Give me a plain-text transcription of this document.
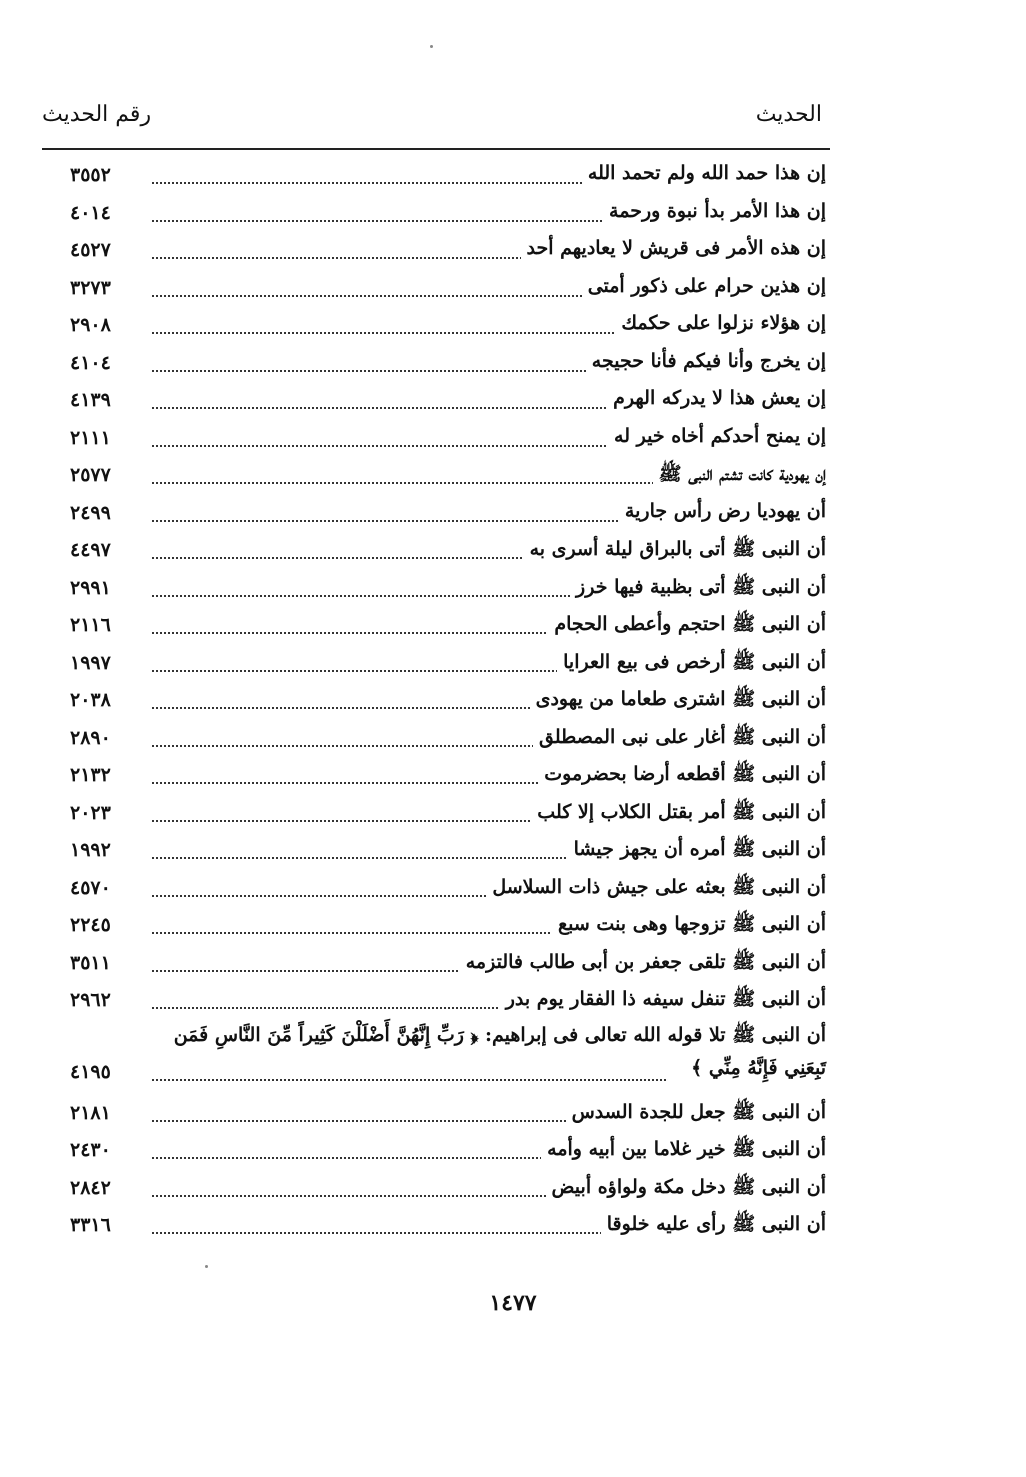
الحديث
رقم الحديث
إن هذا حمد الله ولم تحمد الله
٣٥٥٢
إن هذا الأمر بدأ نبوة ورحمة
٤٠١٤
إن هذه الأمر فى قريش لا يعاديهم أحد
٤٥٢٧
إن هذين حرام على ذكور أمتى
٣٢٧٣
إن هؤلاء نزلوا على حكمك
٢٩٠٨
إن يخرج وأنا فيكم فأنا حجيجه
٤١٠٤
إن يعش هذا لا يدركه الهرم
٤١٣٩
إن يمنح أحدكم أخاه خير له
٢١١١
إن يهودية كانت تشتم النبى ﷺ
٢٥٧٧
أن يهوديا رض رأس جارية
٢٤٩٩
أن النبى ﷺ أتى بالبراق ليلة أسرى به
٤٤٩٧
أن النبى ﷺ أتى بظبية فيها خرز
٢٩٩١
أن النبى ﷺ احتجم وأعطى الحجام
٢١١٦
أن النبى ﷺ أرخص فى بيع العرايا
١٩٩٧
أن النبى ﷺ اشترى طعاما من يهودى
٢٠٣٨
أن النبى ﷺ أغار على نبى المصطلق
٢٨٩٠
أن النبى ﷺ أقطعه أرضا بحضرموت
٢١٣٢
أن النبى ﷺ أمر بقتل الكلاب إلا كلب
٢٠٢٣
أن النبى ﷺ أمره أن يجهز جيشا
١٩٩٢
أن النبى ﷺ بعثه على جيش ذات السلاسل
٤٥٧٠
أن النبى ﷺ تزوجها وهى بنت سبع
٢٢٤٥
أن النبى ﷺ تلقى جعفر بن أبى طالب فالتزمه
٣٥١١
أن النبى ﷺ تنفل سيفه ذا الفقار يوم بدر
٢٩٦٢
أن النبى ﷺ تلا قوله الله تعالى فى إبراهيم: ﴿ رَبِّ إِنَّهُنَّ أَضْلَلْنَ كَثِيراً مِّنَ النَّاسِ فَمَن
تَبِعَنِي فَإِنَّهُ مِنِّي ﴾
٤١٩٥
أن النبى ﷺ جعل للجدة السدس
٢١٨١
أن النبى ﷺ خير غلاما بين أبيه وأمه
٢٤٣٠
أن النبى ﷺ دخل مكة ولواؤه أبيض
٢٨٤٢
أن النبى ﷺ رأى عليه خلوقا
٣٣١٦
١٤٧٧
